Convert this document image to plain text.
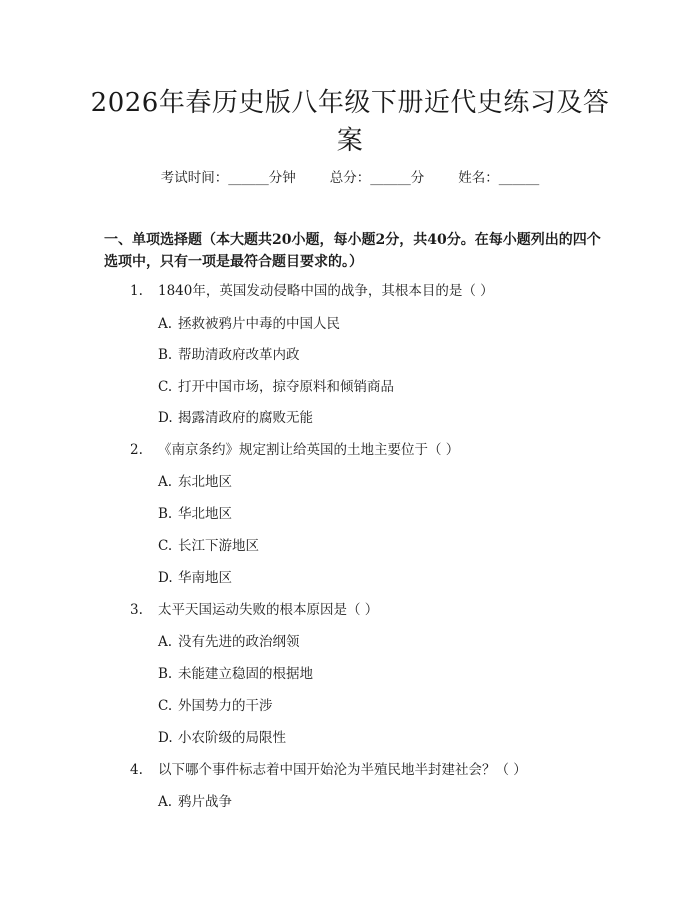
2026年春历史版八年级下册近代史练习及答案
考试时间：______分钟	总分：______分	姓名：______
一、单项选择题（本大题共20小题，每小题2分，共40分。在每小题列出的四个选项中，只有一项是最符合题目要求的。）
1. 1840年，英国发动侵略中国的战争，其根本目的是（ ）
A. 拯救被鸦片中毒的中国人民
B. 帮助清政府改革内政
C. 打开中国市场，掠夺原料和倾销商品
D. 揭露清政府的腐败无能
2. 《南京条约》规定割让给英国的土地主要位于（ ）
A. 东北地区
B. 华北地区
C. 长江下游地区
D. 华南地区
3. 太平天国运动失败的根本原因是（ ）
A. 没有先进的政治纲领
B. 未能建立稳固的根据地
C. 外国势力的干涉
D. 小农阶级的局限性
4. 以下哪个事件标志着中国开始沦为半殖民地半封建社会？（ ）
A. 鸦片战争
